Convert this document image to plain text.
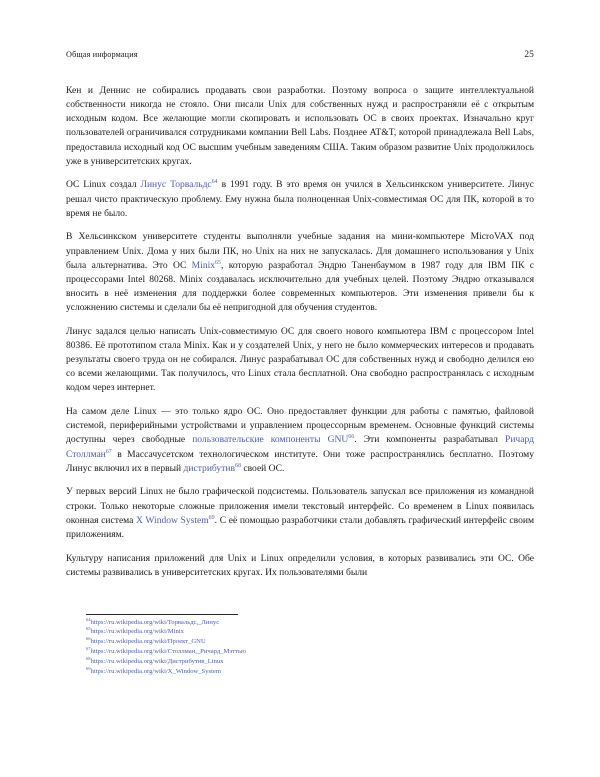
Общая информация	25

Кен и Деннис не собирались продавать свои разработки. Поэтому вопроса о защите интеллектуальной собственности никогда не стояло. Они писали Unix для собственных нужд и распространяли её с открытым исходным кодом. Все желающие могли скопировать и использовать ОС в своих проектах. Изначально круг пользователей ограничивался сотрудниками компании Bell Labs. Позднее AT&T, которой принадлежала Bell Labs, предоставила исходный код ОС высшим учебным заведениям США. Таким образом развитие Unix продолжилось уже в университетских кругах.

ОС Linux создал Линус Торвальдс$^{64}$ в 1991 году. В это время он учился в Хельсинкском университете. Линус решал чисто практическую проблему. Ему нужна была полноценная Unix-совместимая ОС для ПК, которой в то время не было.

В Хельсинкском университете студенты выполняли учебные задания на мини-компьютере MicroVAX под управлением Unix. Дома у них были ПК, но Unix на них не запускалась. Для домашнего использования у Unix была альтернатива. Это ОС Minix$^{65}$, которую разработал Эндрю Таненбаумом в 1987 году для IBM ПК с процессорами Intel 80268. Minix создавалась исключительно для учебных целей. Поэтому Эндрю отказывался вносить в неё изменения для поддержки более современных компьютеров. Эти изменения привели бы к усложнению системы и сделали бы её непригодной для обучения студентов.

Линус задался целью написать Unix-совместимую ОС для своего нового компьютера IBM с процессором Intel 80386. Её прототипом стала Minix. Как и у создателей Unix, у него не было коммерческих интересов и продавать результаты своего труда он не собирался. Линус разрабатывал ОС для собственных нужд и свободно делился ею со всеми желающими. Так получилось, что Linux стала бесплатной. Она свободно распространялась с исходным кодом через интернет.

На самом деле Linux — это только ядро ОС. Оно предоставляет функции для работы с памятью, файловой системой, периферийными устройствами и управлением процессорным временем. Основные функций системы доступны через свободные пользовательские компоненты GNU$^{66}$. Эти компоненты разрабатывал Ричард Столлман$^{67}$ в Массачусетском технологическом институте. Они тоже распространялись бесплатно. Поэтому Линус включил их в первый дистрибутив$^{68}$ своей ОС.

У первых версий Linux не было графической подсистемы. Пользователь запускал все приложения из командной строки. Только некоторые сложные приложения имели текстовый интерфейс. Со временем в Linux появилась оконная система X Window System$^{69}$. С её помощью разработчики стали добавлять графический интерфейс своим приложениям.

Культуру написания приложений для Unix и Linux определили условия, в которых развивались эти ОС. Обе системы развивались в университетских кругах. Их пользователями были

$^{64}$https://ru.wikipedia.org/wiki/Торвальдс,_Линус
$^{65}$https://ru.wikipedia.org/wiki/Minix
$^{66}$https://ru.wikipedia.org/wiki/Проект_GNU
$^{67}$https://ru.wikipedia.org/wiki/Столлман,_Ричард_Мэттью
$^{68}$https://ru.wikipedia.org/wiki/Дистрибутив_Linux
$^{69}$https://ru.wikipedia.org/wiki/X_Window_System
